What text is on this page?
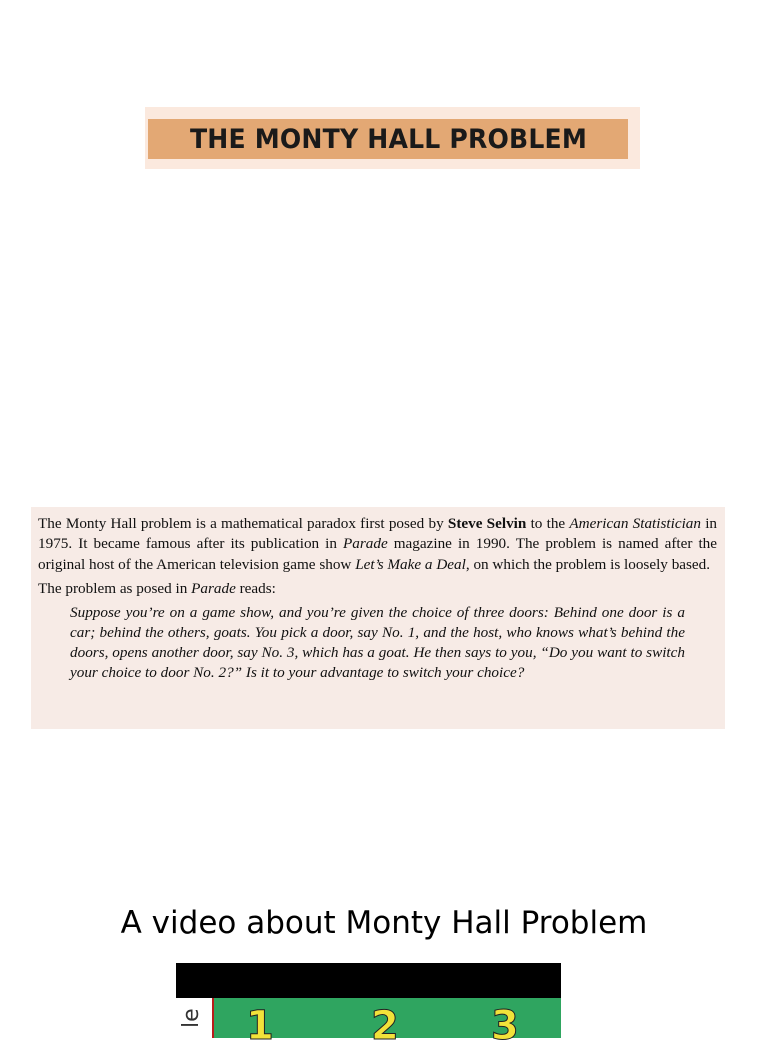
THE MONTY HALL PROBLEM

The Monty Hall problem is a mathematical paradox first posed by Steve Selvin to the American Statistician in 1975. It became famous after its publication in Parade magazine in 1990. The problem is named after the original host of the American television game show Let’s Make a Deal, on which the problem is loosely based.

The problem as posed in Parade reads:

Suppose you’re on a game show, and you’re given the choice of three doors: Behind one door is a car; behind the others, goats. You pick a door, say No. 1, and the host, who knows what’s behind the doors, opens another door, say No. 3, which has a goat. He then says to you, “Do you want to switch your choice to door No. 2?” Is it to your advantage to switch your choice?

A video about Monty Hall Problem
le 1 2 3
